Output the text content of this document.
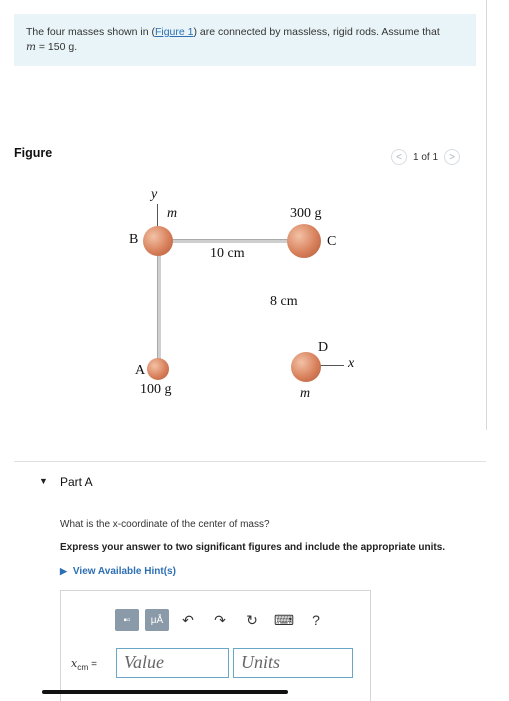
The four masses shown in (Figure 1) are connected by massless, rigid rods. Assume that
m = 150 g.
Figure	<	1 of 1	>
y
x
B
m	300 g
C
10 cm
8 cm
D
A
100 g	m
▼ Part A
What is the x-coordinate of the center of mass?
Express your answer to two significant figures and include the appropriate units.
▶ View Available Hint(s)
▪▫	μÅ	↶	↷	↻	⌨	?
$x_{cm}$ =	Value	Units
